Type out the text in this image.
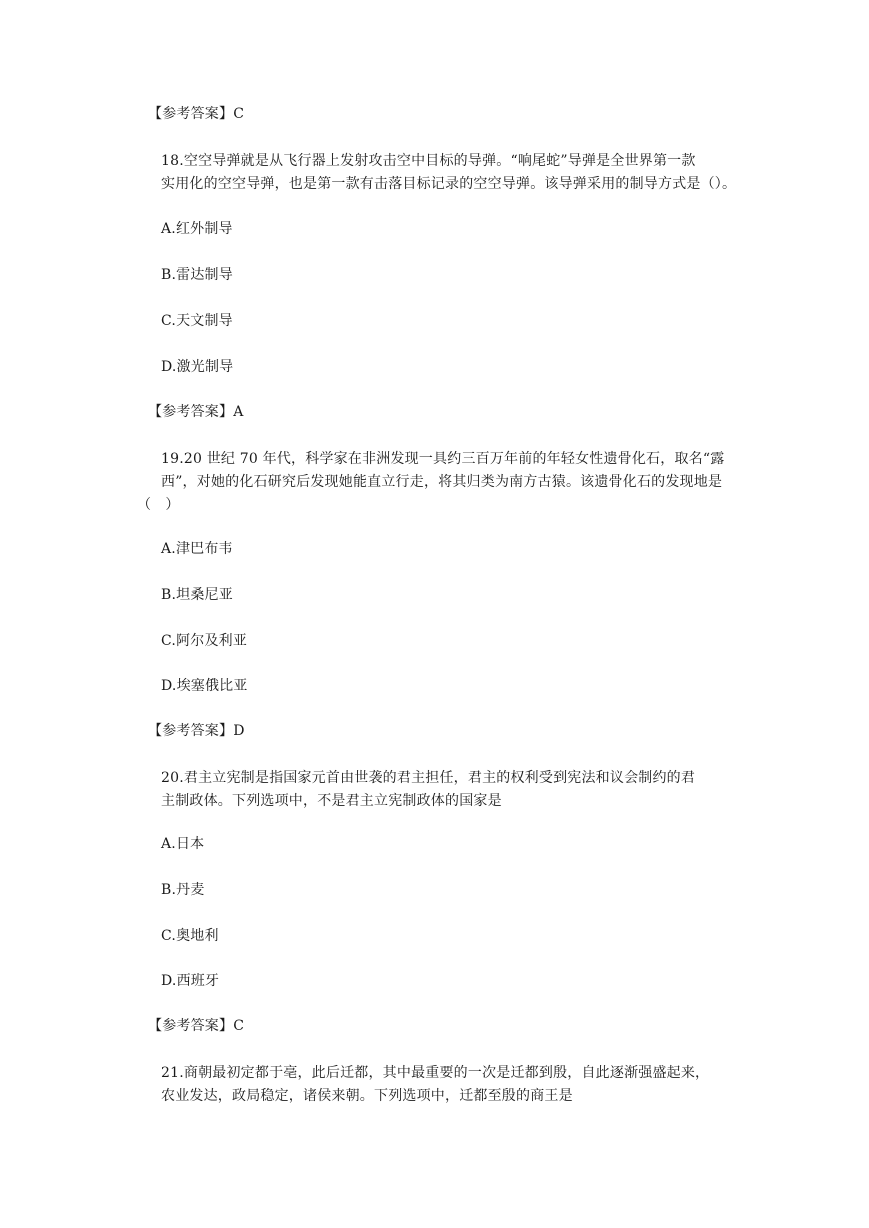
【参考答案】C
18.空空导弹就是从飞行器上发射攻击空中目标的导弹。“响尾蛇”导弹是全世界第一款
实用化的空空导弹，也是第一款有击落目标记录的空空导弹。该导弹采用的制导方式是（）。
A.红外制导
B.雷达制导
C.天文制导
D.激光制导
【参考答案】A
19.20 世纪 70 年代，科学家在非洲发现一具约三百万年前的年轻女性遗骨化石，取名“露
西”，对她的化石研究后发现她能直立行走，将其归类为南方古猿。该遗骨化石的发现地是
（　）
A.津巴布韦
B.坦桑尼亚
C.阿尔及利亚
D.埃塞俄比亚
【参考答案】D
20.君主立宪制是指国家元首由世袭的君主担任，君主的权利受到宪法和议会制约的君
主制政体。下列选项中，不是君主立宪制政体的国家是
A.日本
B.丹麦
C.奥地利
D.西班牙
【参考答案】C
21.商朝最初定都于亳，此后迁都，其中最重要的一次是迁都到殷，自此逐渐强盛起来，
农业发达，政局稳定，诸侯来朝。下列选项中，迁都至殷的商王是
